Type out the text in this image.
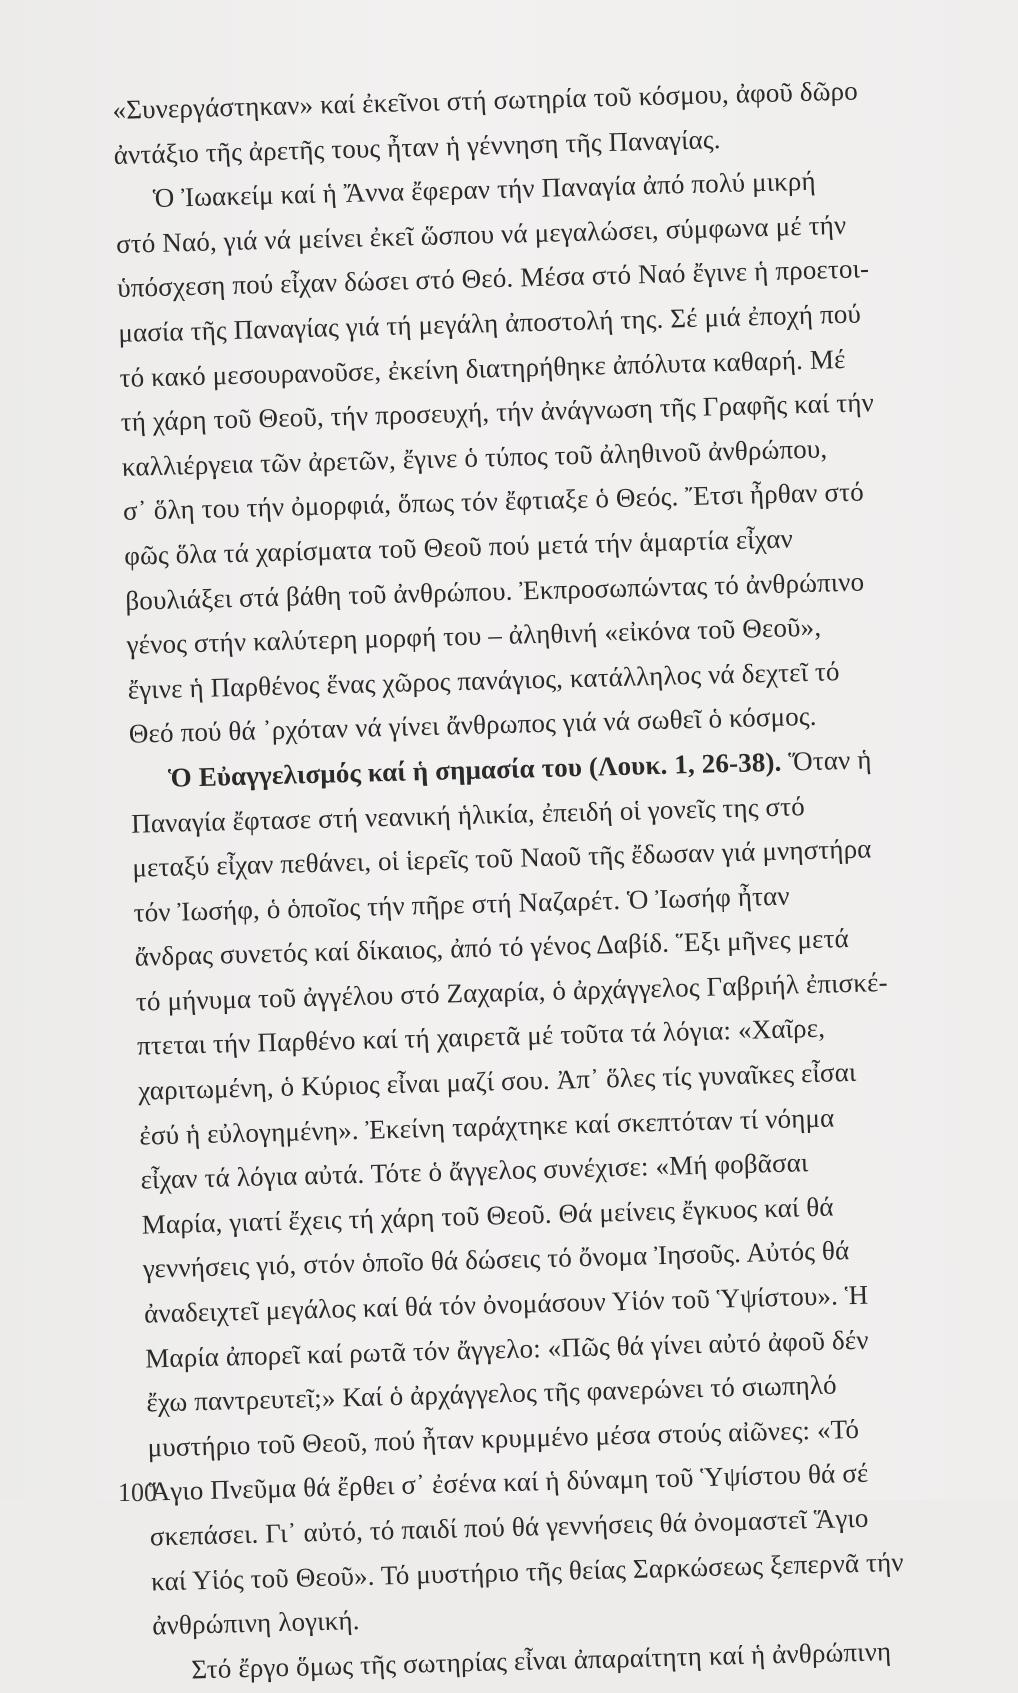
«Συνεργάστηκαν» καί ἐκεῖνοι στή σωτηρία τοῦ κόσμου, ἀφοῦ δῶρο
ἀντάξιο τῆς ἀρετῆς τους ἦταν ἡ γέννηση τῆς Παναγίας.
Ὁ Ἰωακείμ καί ἡ Ἄννα ἔφεραν τήν Παναγία ἀπό πολύ μικρή
στό Ναό, γιά νά μείνει ἐκεῖ ὥσπου νά μεγαλώσει, σύμφωνα μέ τήν
ὑπόσχεση πού εἶχαν δώσει στό Θεό. Μέσα στό Ναό ἔγινε ἡ προετοι-
μασία τῆς Παναγίας γιά τή μεγάλη ἀποστολή της. Σέ μιά ἐποχή πού
τό κακό μεσουρανοῦσε, ἐκείνη διατηρήθηκε ἀπόλυτα καθαρή. Μέ
τή χάρη τοῦ Θεοῦ, τήν προσευχή, τήν ἀνάγνωση τῆς Γραφῆς καί τήν
καλλιέργεια τῶν ἀρετῶν, ἔγινε ὁ τύπος τοῦ ἀληθινοῦ ἀνθρώπου,
σ᾿ ὅλη του τήν ὀμορφιά, ὅπως τόν ἔφτιαξε ὁ Θεός. Ἔτσι ἦρθαν στό
φῶς ὅλα τά χαρίσματα τοῦ Θεοῦ πού μετά τήν ἁμαρτία εἶχαν
βουλιάξει στά βάθη τοῦ ἀνθρώπου. Ἐκπροσωπώντας τό ἀνθρώπινο
γένος στήν καλύτερη μορφή του – ἀληθινή «εἰκόνα τοῦ Θεοῦ»,
ἔγινε ἡ Παρθένος ἕνας χῶρος πανάγιος, κατάλληλος νά δεχτεῖ τό
Θεό πού θά ᾿ρχόταν νά γίνει ἄνθρωπος γιά νά σωθεῖ ὁ κόσμος.
Ὁ Εὐαγγελισμός καί ἡ σημασία του (Λουκ. 1, 26-38). Ὅταν ἡ
Παναγία ἔφτασε στή νεανική ἡλικία, ἐπειδή οἱ γονεῖς της στό
μεταξύ εἶχαν πεθάνει, οἱ ἱερεῖς τοῦ Ναοῦ τῆς ἔδωσαν γιά μνηστήρα
τόν Ἰωσήφ, ὁ ὁποῖος τήν πῆρε στή Ναζαρέτ. Ὁ Ἰωσήφ ἦταν
ἄνδρας συνετός καί δίκαιος, ἀπό τό γένος Δαβίδ. Ἕξι μῆνες μετά
τό μήνυμα τοῦ ἀγγέλου στό Ζαχαρία, ὁ ἀρχάγγελος Γαβριήλ ἐπισκέ-
πτεται τήν Παρθένο καί τή χαιρετᾶ μέ τοῦτα τά λόγια: «Χαῖρε,
χαριτωμένη, ὁ Κύριος εἶναι μαζί σου. Ἀπ᾿ ὅλες τίς γυναῖκες εἶσαι
ἐσύ ἡ εὐλογημένη». Ἐκείνη ταράχτηκε καί σκεπτόταν τί νόημα
εἶχαν τά λόγια αὐτά. Τότε ὁ ἄγγελος συνέχισε: «Μή φοβᾶσαι
Μαρία, γιατί ἔχεις τή χάρη τοῦ Θεοῦ. Θά μείνεις ἔγκυος καί θά
γεννήσεις γιό, στόν ὁποῖο θά δώσεις τό ὄνομα Ἰησοῦς. Αὐτός θά
ἀναδειχτεῖ μεγάλος καί θά τόν ὀνομάσουν Υἱόν τοῦ Ὑψίστου». Ἡ
Μαρία ἀπορεῖ καί ρωτᾶ τόν ἄγγελο: «Πῶς θά γίνει αὐτό ἀφοῦ δέν
ἔχω παντρευτεῖ;» Καί ὁ ἀρχάγγελος τῆς φανερώνει τό σιωπηλό
μυστήριο τοῦ Θεοῦ, πού ἦταν κρυμμένο μέσα στούς αἰῶνες: «Τό
Ἅγιο Πνεῦμα θά ἔρθει σ᾿ ἐσένα καί ἡ δύναμη τοῦ Ὑψίστου θά σέ
σκεπάσει. Γι᾿ αὐτό, τό παιδί πού θά γεννήσεις θά ὀνομαστεῖ Ἅγιο
καί Υἱός τοῦ Θεοῦ». Τό μυστήριο τῆς θείας Σαρκώσεως ξεπερνᾶ τήν
ἀνθρώπινη λογική.
Στό ἔργο ὅμως τῆς σωτηρίας εἶναι ἀπαραίτητη καί ἡ ἀνθρώπινη
100
